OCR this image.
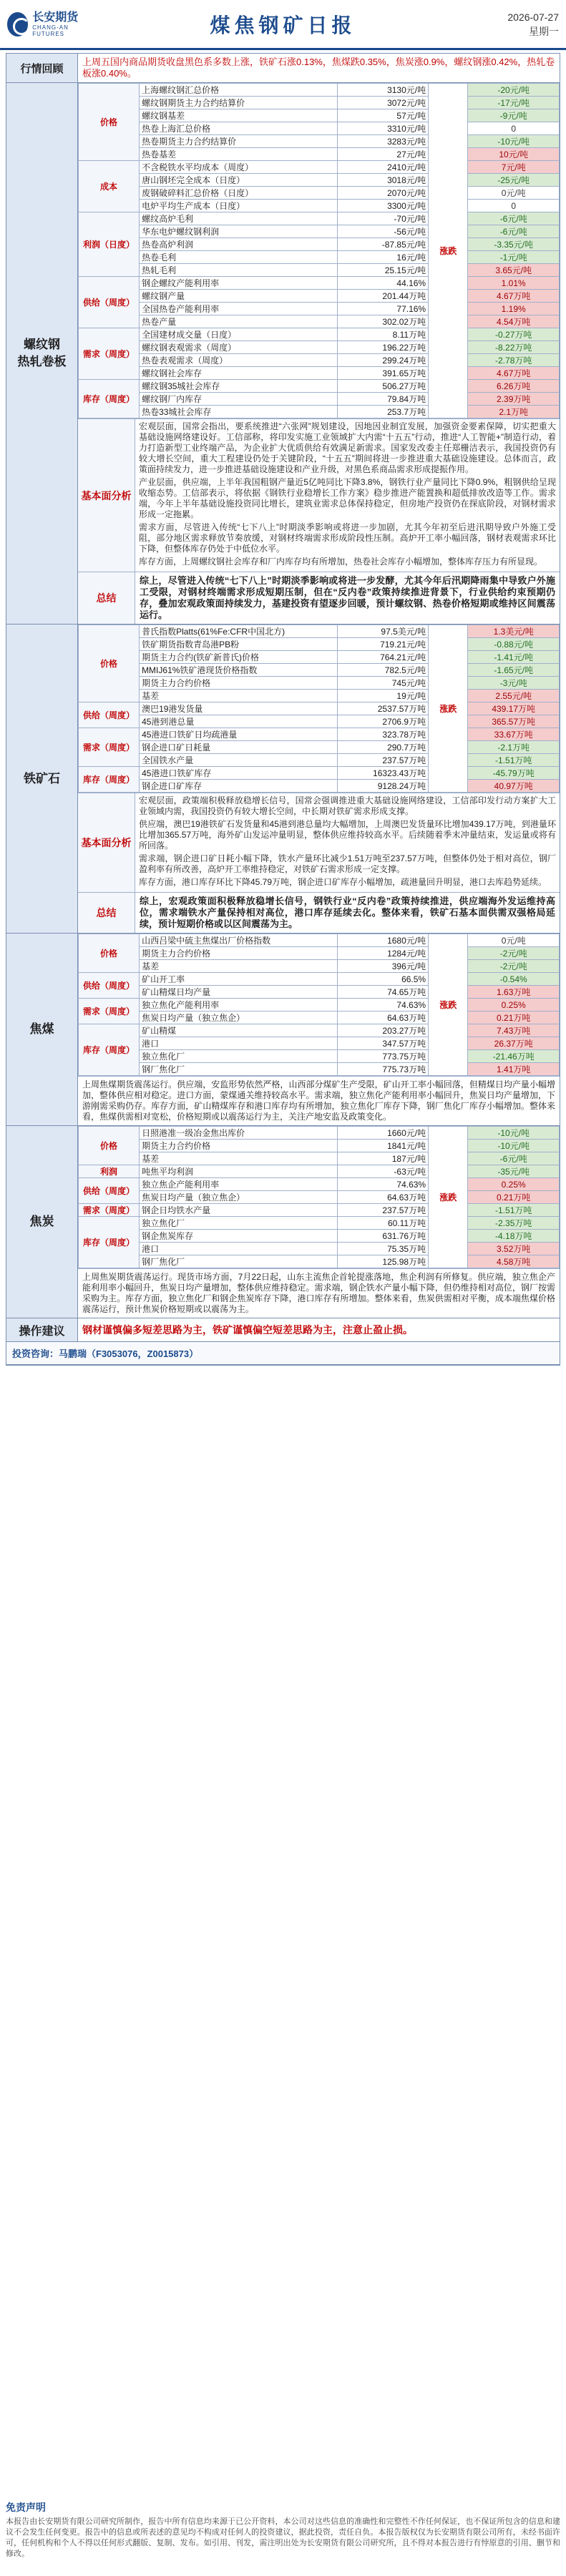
长安期货
CHANG-AN FUTURES	煤焦钢矿日报	2026-07-27
星期一
行情回顾
上周五国内商品期货收盘黑色系多数上涨，铁矿石涨0.13%，焦煤跌0.35%，焦炭涨0.9%，螺纹钢涨0.42%，热轧卷板涨0.40%。
螺纹钢
热轧卷板
价格	上海螺纹钢汇总价格	3130元/吨	涨跌	-20元/吨
	螺纹钢期货主力合约结算价	3072元/吨		-17元/吨
	螺纹钢基差	57元/吨		-9元/吨
	热卷上海汇总价格	3310元/吨		0
	热卷期货主力合约结算价	3283元/吨		-10元/吨
	热卷基差	27元/吨		10元/吨
成本	不含税铁水平均成本（周度）	2410元/吨		7元/吨
	唐山钢坯完全成本（日度）	3018元/吨		-25元/吨
	废钢破碎料汇总价格（日度）	2070元/吨		0元/吨
	电炉平均生产成本（日度）	3300元/吨		0
利润（日度）	螺纹高炉毛利	-70元/吨		-6元/吨
	华东电炉螺纹钢利润	-56元/吨		-6元/吨
	热卷高炉利润	-87.85元/吨		-3.35元/吨
	热卷毛利	16元/吨		-1元/吨
	热轧毛利	25.15元/吨		3.65元/吨
供给（周度）	钢企螺纹产能利用率	44.16%		1.01%
	螺纹钢产量	201.44万吨		4.67万吨
	全国热卷产能利用率	77.16%		1.19%
	热卷产量	302.02万吨		4.54万吨
需求（周度）	全国建材成交量（日度）	8.11万吨		-0.27万吨
	螺纹钢表观需求（周度）	196.22万吨		-8.22万吨
	热卷表观需求（周度）	299.24万吨		-2.78万吨
	螺纹钢社会库存	391.65万吨		4.67万吨
库存（周度）	螺纹钢35城社会库存	506.27万吨		6.26万吨
	螺纹钢厂内库存	79.84万吨		2.39万吨
	热卷33城社会库存	253.7万吨		2.1万吨
基本面分析

宏观层面，国常会指出，要系统推进“六张网”规划建设，因地因业制宜发展，加强资金要素保障，切实把重大基础设施网络建设好。工信部称，将印发实施工业领域扩大内需“十五五”行动，推进“人工智能+”制造行动，着力打造新型工业终端产品，为企业扩大优质供给有效满足新需求。国家发改委主任郑栅洁表示，我国投资仍有较大增长空间，重大工程建设仍处于关键阶段，“十五五”期间将进一步推进重大基础设施建设。总体而言，政策面持续发力，进一步推进基础设施建设和产业升级，对黑色系商品需求形成提振作用。

产业层面，供应端，上半年我国粗钢产量近5亿吨同比下降3.8%，钢铁行业产量同比下降0.9%，粗钢供给呈现收缩态势。工信部表示，将依据《钢铁行业稳增长工作方案》稳步推进产能置换和超低排放改造等工作。需求端，今年上半年基础设施投资同比增长，建筑业需求总体保持稳定，但房地产投资仍在探底阶段，对钢材需求形成一定拖累。

需求方面，尽管进入传统“七下八上”时期淡季影响或将进一步加剧，尤其今年初至后进汛期导致户外施工受阻，部分地区需求释放节奏放缓，对钢材终端需求形成阶段性压制。高炉开工率小幅回落，钢材表观需求环比下降，但整体库存仍处于中低位水平。

库存方面，上周螺纹钢社会库存和厂内库存均有所增加，热卷社会库存小幅增加，整体库存压力有所显现。

总结
综上，尽管进入传统“七下八上”时期淡季影响或将进一步发酵，尤其今年后汛期降雨集中导致户外施工受限，对钢材终端需求形成短期压制，但在“反内卷”政策持续推进背景下，行业供给约束预期仍存，叠加宏观政策面持续发力，基建投资有望逐步回暖，预计螺纹钢、热卷价格短期或维持区间震荡运行。
铁矿石
价格	普氏指数Platts(61%Fe:CFR中国北方)	97.5美元/吨	涨跌	1.3美元/吨
	铁矿期货指数青岛港PB粉	719.21元/吨		-0.88元/吨
	期货主力合约(铁矿新普氏)价格	764.21元/吨		-1.41元/吨
	MMIJ61%铁矿港现货价格指数	782.5元/吨		-1.65元/吨
	期货主力合约价格	745元/吨		-3元/吨
	基差	19元/吨		2.55元/吨
供给（周度）	澳巴19港发货量	2537.57万吨		439.17万吨
	45港到港总量	2706.9万吨		365.57万吨
需求（周度）	45港进口铁矿日均疏港量	323.78万吨		33.67万吨
	钢企进口矿日耗量	290.7万吨		-2.1万吨
	全国铁水产量	237.57万吨		-1.51万吨
库存（周度）	45港进口铁矿库存	16323.43万吨		-45.79万吨
	钢企进口矿库存	9128.24万吨		40.97万吨
基本面分析

宏观层面，政策端积极释放稳增长信号，国常会强调推进重大基础设施网络建设，工信部印发行动方案扩大工业领域内需，我国投资仍有较大增长空间，中长期对铁矿需求形成支撑。

供应端，澳巴19港铁矿石发货量和45港到港总量均大幅增加，上周澳巴发货量环比增加439.17万吨，到港量环比增加365.57万吨，海外矿山发运冲量明显，整体供应维持较高水平。后续随着季末冲量结束，发运量或将有所回落。

需求端，钢企进口矿日耗小幅下降，铁水产量环比减少1.51万吨至237.57万吨，但整体仍处于相对高位，钢厂盈利率有所改善，高炉开工率维持稳定，对铁矿石需求形成一定支撑。

库存方面，港口库存环比下降45.79万吨，钢企进口矿库存小幅增加，疏港量回升明显，港口去库趋势延续。

总结
综上，宏观政策面积极释放稳增长信号，钢铁行业“反内卷”政策持续推进，供应端海外发运维持高位，需求端铁水产量保持相对高位，港口库存延续去化。整体来看，铁矿石基本面供需双强格局延续，预计短期价格或以区间震荡为主。
焦煤
价格	山西吕梁中硫主焦煤出厂价格指数	1680元/吨	涨跌	0元/吨
	期货主力合约价格	1284元/吨		-2元/吨
	基差	396元/吨		-2元/吨
供给（周度）	矿山开工率	66.5%		-0.54%
	矿山精煤日均产量	74.65万吨		1.63万吨
需求（周度）	独立焦化产能利用率	74.63%		0.25%
	焦炭日均产量（独立焦企）	64.63万吨		0.21万吨
库存（周度）	矿山精煤	203.27万吨		7.43万吨
	港口	347.57万吨		26.37万吨
	独立焦化厂	773.75万吨		-21.46万吨
	钢厂焦化厂	775.73万吨		1.41万吨
上周焦煤期货震荡运行。供应端，安监形势依然严格，山西部分煤矿生产受限，矿山开工率小幅回落，但精煤日均产量小幅增加，整体供应相对稳定。进口方面，蒙煤通关维持较高水平。需求端，独立焦化产能利用率小幅回升，焦炭日均产量增加，下游刚需采购仍存。库存方面，矿山精煤库存和港口库存均有所增加，独立焦化厂库存下降，钢厂焦化厂库存小幅增加。整体来看，焦煤供需相对宽松，价格短期或以震荡运行为主，关注产地安监及政策变化。
焦炭
价格	日照港准一级冶金焦出库价	1660元/吨	涨跌	-10元/吨
	期货主力合约价格	1841元/吨		-10元/吨
	基差	187元/吨		-6元/吨
利润	吨焦平均利润	-63元/吨		-35元/吨
供给（周度）	独立焦企产能利用率	74.63%		0.25%
	焦炭日均产量（独立焦企）	64.63万吨		0.21万吨
需求（周度）	钢企日均铁水产量	237.57万吨		-1.51万吨
库存（周度）	独立焦化厂	60.11万吨		-2.35万吨
	钢企焦炭库存	631.76万吨		-4.18万吨
	港口	75.35万吨		3.52万吨
	钢厂焦化厂	125.98万吨		4.58万吨
上周焦炭期货震荡运行。现货市场方面，7月22日起，山东主流焦企首轮提涨落地，焦企利润有所修复。供应端，独立焦企产能利用率小幅回升，焦炭日均产量增加，整体供应维持稳定。需求端，钢企铁水产量小幅下降，但仍维持相对高位，钢厂按需采购为主。库存方面，独立焦化厂和钢企焦炭库存下降，港口库存有所增加。整体来看，焦炭供需相对平衡，成本端焦煤价格震荡运行，预计焦炭价格短期或以震荡为主。
操作建议	钢材谨慎偏多短差思路为主，铁矿谨慎偏空短差思路为主，注意止盈止损。
投资咨询：马鹏瑞（F3053076，Z0015873）
免责声明
本报告由长安期货有限公司研究所制作，报告中所有信息均来源于已公开资料，本公司对这些信息的准确性和完整性不作任何保证，也不保证所包含的信息和建议不会发生任何变更。报告中的信息或所表述的意见均不构成对任何人的投资建议，据此投资，责任自负。本报告版权仅为长安期货有限公司所有，未经书面许可，任何机构和个人不得以任何形式翻版、复制、发布。如引用、刊发，需注明出处为长安期货有限公司研究所，且不得对本报告进行有悖原意的引用、删节和修改。
